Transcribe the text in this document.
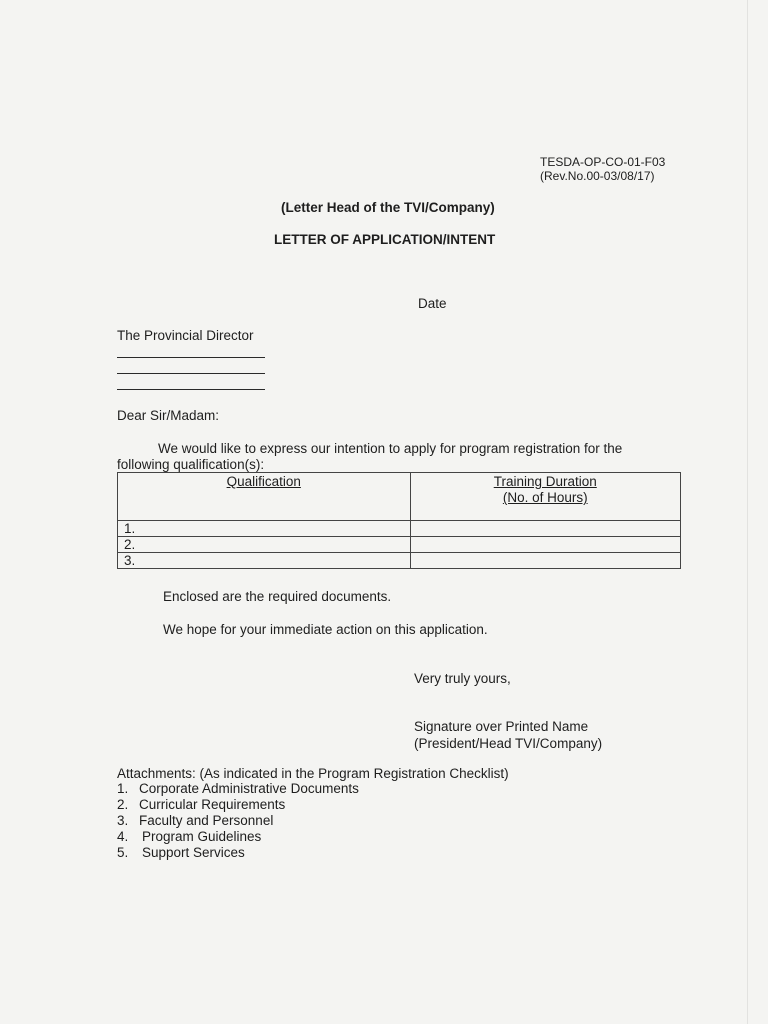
TESDA-OP-CO-01-F03
(Rev.No.00-03/08/17)
(Letter Head of the TVI/Company)
LETTER OF APPLICATION/INTENT
Date
The Provincial Director
Dear Sir/Madam:
We would like to express our intention to apply for program registration for the
following qualification(s):
Qualification	Training Duration
(No. of Hours)
1.	
2.	
3.	
Enclosed are the required documents.
We hope for your immediate action on this application.
Very truly yours,
Signature over Printed Name
(President/Head TVI/Company)
Attachments: (As indicated in the Program Registration Checklist)
1. Corporate Administrative Documents
2. Curricular Requirements
3. Faculty and Personnel
4. Program Guidelines
5. Support Services
